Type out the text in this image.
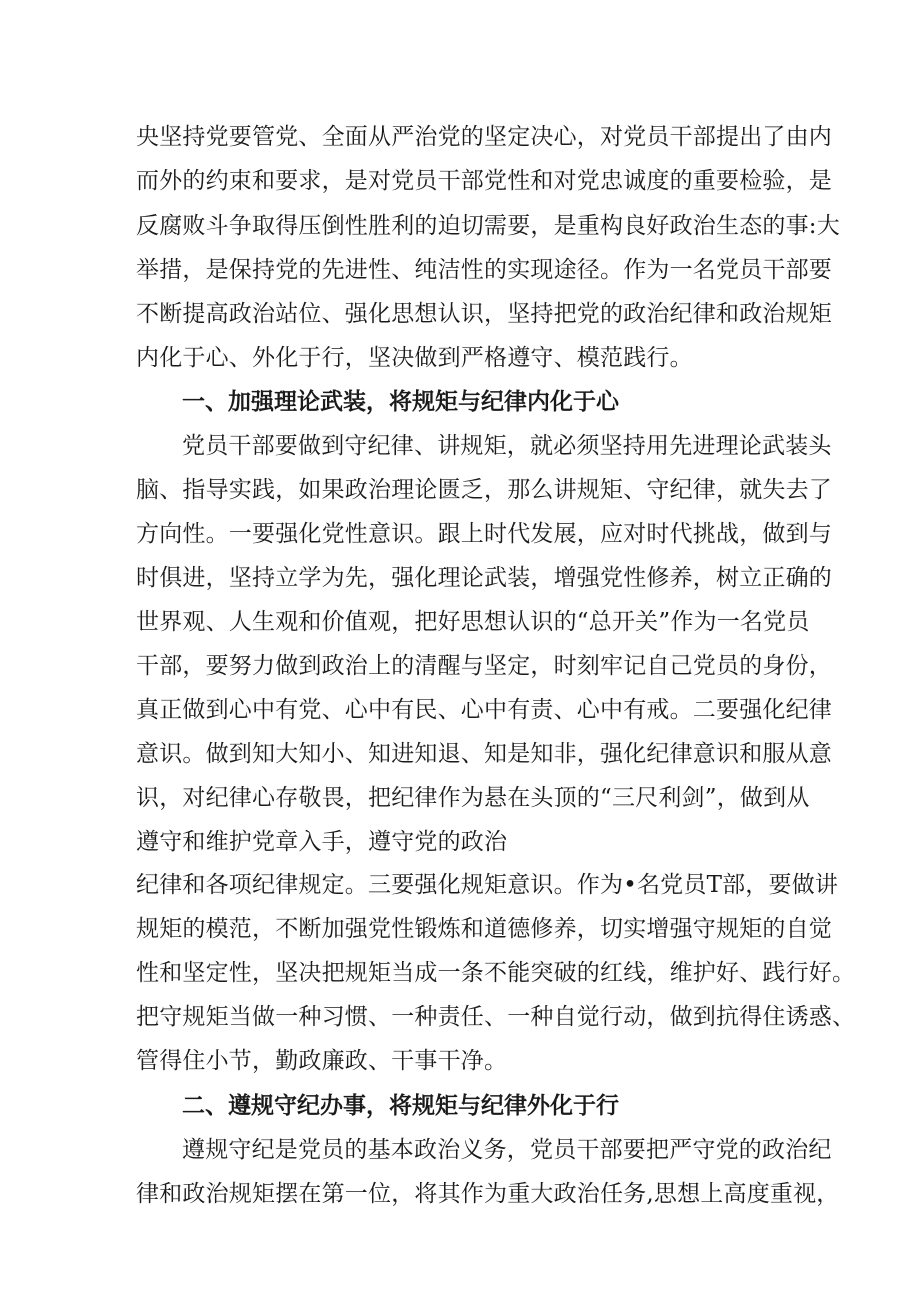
央坚持党要管党、全面从严治党的坚定决心，对党员干部提出了由内
而外的约束和要求，是对党员干部党性和对党忠诚度的重要检验，是
反腐败斗争取得压倒性胜利的迫切需要，是重构良好政治生态的事:大
举措，是保持党的先进性、纯洁性的实现途径。作为一名党员干部要
不断提高政治站位、强化思想认识，坚持把党的政治纪律和政治规矩
内化于心、外化于行，坚决做到严格遵守、模范践行。
一、加强理论武装，将规矩与纪律内化于心
党员干部要做到守纪律、讲规矩，就必须坚持用先进理论武装头
脑、指导实践，如果政治理论匮乏，那么讲规矩、守纪律，就失去了
方向性。一要强化党性意识。跟上时代发展，应对时代挑战，做到与
时俱进，坚持立学为先，强化理论武装，增强党性修养，树立正确的
世界观、人生观和价值观，把好思想认识的“总开关”作为一名党员
干部，要努力做到政治上的清醒与坚定，时刻牢记自己党员的身份，
真正做到心中有党、心中有民、心中有责、心中有戒。二要强化纪律
意识。做到知大知小、知进知退、知是知非，强化纪律意识和服从意
识，对纪律心存敬畏，把纪律作为悬在头顶的“三尺利剑”，做到从
遵守和维护党章入手，遵守党的政治
纪律和各项纪律规定。三要强化规矩意识。作为•名党员T部，要做讲
规矩的模范，不断加强党性锻炼和道德修养，切实增强守规矩的自觉
性和坚定性，坚决把规矩当成一条不能突破的红线，维护好、践行好。
把守规矩当做一种习惯、一种责任、一种自觉行动，做到抗得住诱惑、
管得住小节，勤政廉政、干事干净。
二、遵规守纪办事，将规矩与纪律外化于行
遵规守纪是党员的基本政治义务，党员干部要把严守党的政治纪
律和政治规矩摆在第一位，将其作为重大政治任务,思想上高度重视，
